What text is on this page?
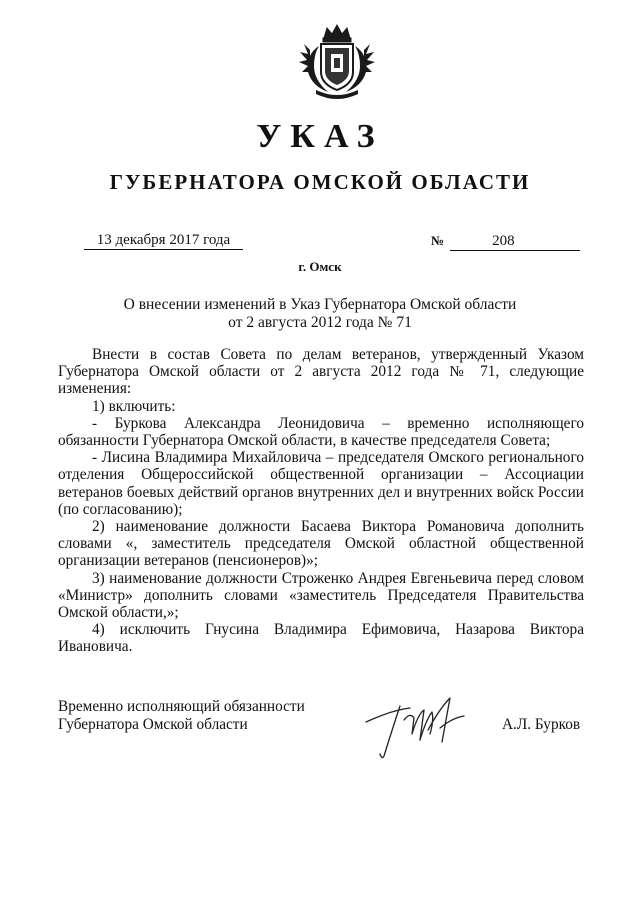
УКАЗ
ГУБЕРНАТОРА ОМСКОЙ ОБЛАСТИ
13 декабря 2017 года	№	208
г. Омск
О внесении изменений в Указ Губернатора Омской области
от 2 августа 2012 года № 71

Внести в состав Совета по делам ветеранов, утвержденный Указом Губернатора Омской области от 2 августа 2012 года № 71, следующие изменения:

1) включить:

- Буркова Александра Леонидовича – временно исполняющего обязанности Губернатора Омской области, в качестве председателя Совета;

- Лисина Владимира Михайловича – председателя Омского регионального отделения Общероссийской общественной организации – Ассоциации ветеранов боевых действий органов внутренних дел и внутренних войск России (по согласованию);

2) наименование должности Басаева Виктора Романовича дополнить словами «, заместитель председателя Омской областной общественной организации ветеранов (пенсионеров)»;

3) наименование должности Строженко Андрея Евгеньевича перед словом «Министр» дополнить словами «заместитель Председателя Правительства Омской области,»;

4) исключить Гнусина Владимира Ефимовича, Назарова Виктора Ивановича.

Временно исполняющий обязанности
Губернатора Омской области	А.Л. Бурков
